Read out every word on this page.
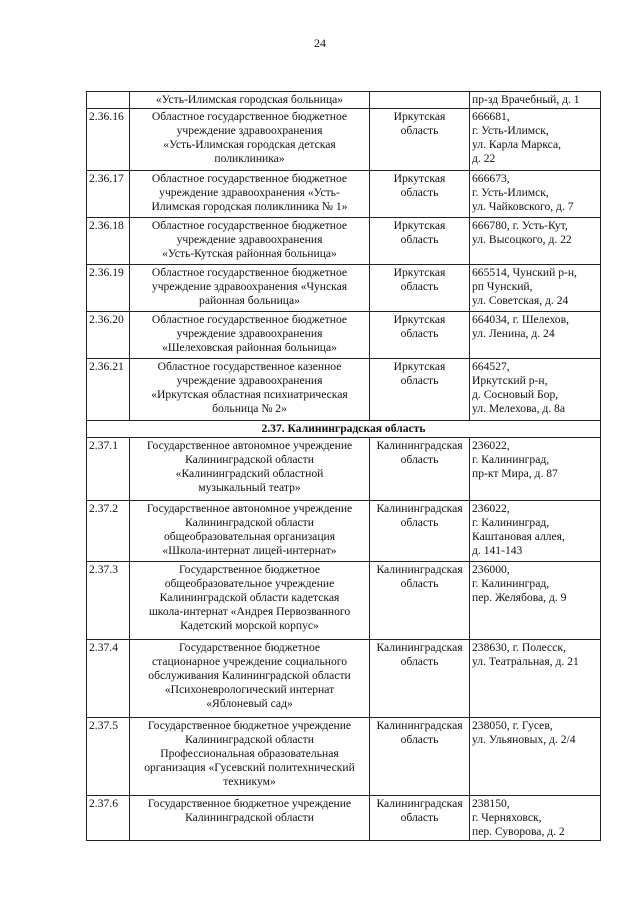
24

	«Усть-Илимская городская больница»		пр-зд Врачебный, д. 1

2.36.16	Областное государственное бюджетное
учреждение здравоохранения
«Усть-Илимская городская детская
поликлиника»	Иркутская
область	666681,
г. Усть-Илимск,
ул. Карла Маркса,
д. 22

2.36.17	Областное государственное бюджетное
учреждение здравоохранения «Усть-
Илимская городская поликлиника № 1»	Иркутская
область	666673,
г. Усть-Илимск,
ул. Чайковского, д. 7

2.36.18	Областное государственное бюджетное
учреждение здравоохранения
«Усть-Кутская районная больница»	Иркутская
область	666780, г. Усть-Кут,
ул. Высоцкого, д. 22

2.36.19	Областное государственное бюджетное
учреждение здравоохранения «Чунская
районная больница»	Иркутская
область	665514, Чунский р-н,
рп Чунский,
ул. Советская, д. 24

2.36.20	Областное государственное бюджетное
учреждение здравоохранения
«Шелеховская районная больница»	Иркутская
область	664034, г. Шелехов,
ул. Ленина, д. 24

2.36.21	Областное государственное казенное
учреждение здравоохранения
«Иркутская областная психиатрическая
больница № 2»	Иркутская
область	664527,
Иркутский р-н,
д. Сосновый Бор,
ул. Мелехова, д. 8а

2.37. Калининградская область			
2.37.1	Государственное автономное учреждение
Калининградской области
«Калининградский областной
музыкальный театр»	Калининградская
область	236022,
г. Калининград,
пр-кт Мира, д. 87

2.37.2	Государственное автономное учреждение
Калининградской области
общеобразовательная организация
«Школа-интернат лицей-интернат»	Калининградская
область	236022,
г. Калининград,
Каштановая аллея,
д. 141-143

2.37.3	Государственное бюджетное
общеобразовательное учреждение
Калининградской области кадетская
школа-интернат «Андрея Первозванного
Кадетский морской корпус»	Калининградская
область	236000,
г. Калининград,
пер. Желябова, д. 9

2.37.4	Государственное бюджетное
стационарное учреждение социального
обслуживания Калининградской области
«Психоневрологический интернат
«Яблоневый сад»	Калининградская
область	238630, г. Полесск,
ул. Театральная, д. 21

2.37.5	Государственное бюджетное учреждение
Калининградской области
Профессиональная образовательная
организация «Гусевский политехнический
техникум»	Калининградская
область	238050, г. Гусев,
ул. Ульяновых, д. 2/4

2.37.6	Государственное бюджетное учреждение
Калининградской области	Калининградская
область	238150,
г. Черняховск,
пер. Суворова, д. 2
